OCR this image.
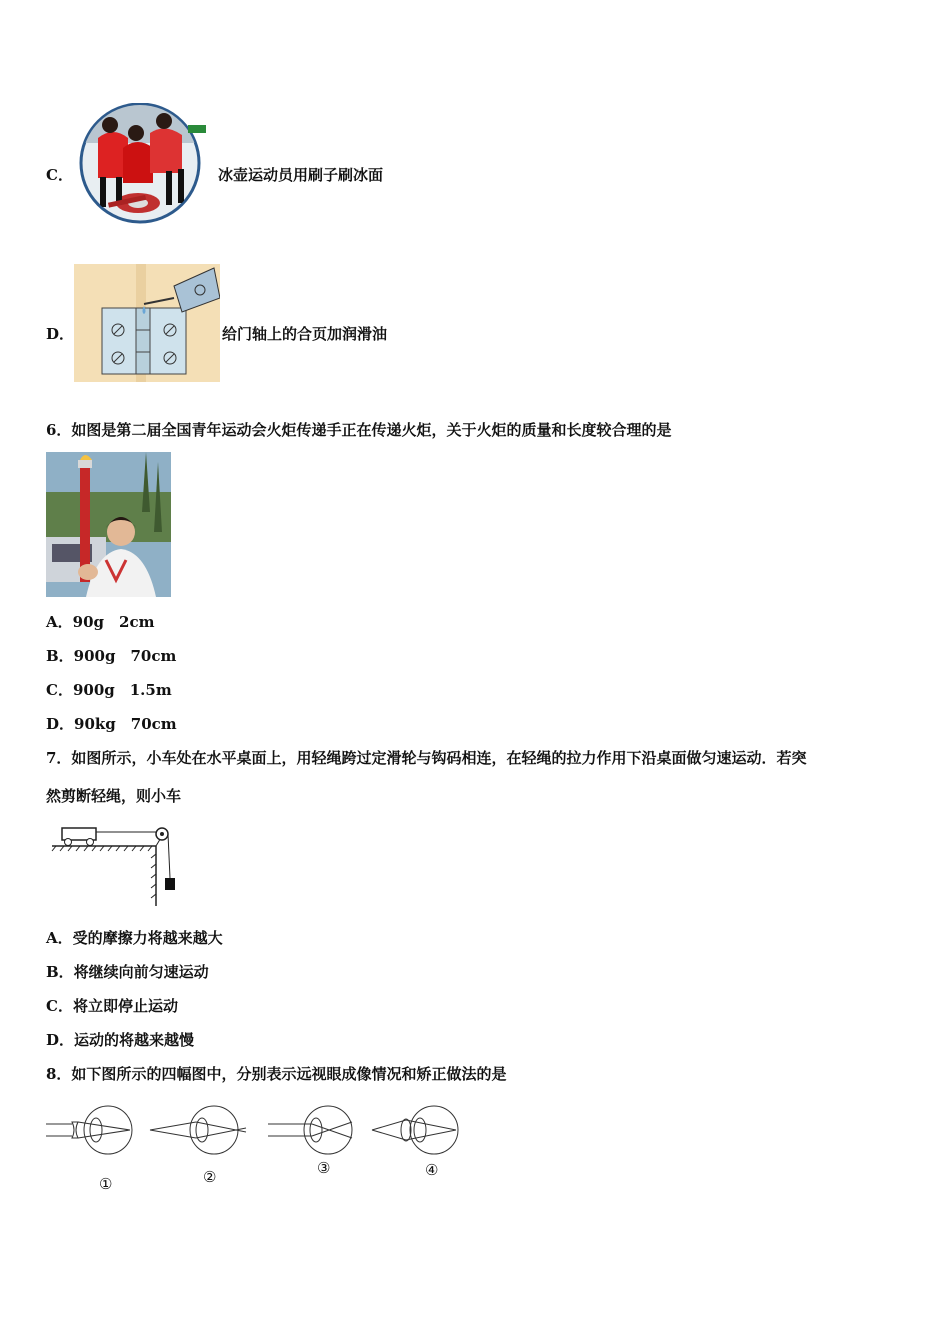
C．	冰壶运动员用刷子刷冰面
D．	给门轴上的合页加润滑油
6．如图是第二届全国青年运动会火炬传递手正在传递火炬，关于火炬的质量和长度较合理的是
A．90g　2cm
B．900g　70cm
C．900g　1.5m
D．90kg　70cm
7．如图所示，小车处在水平桌面上，用轻绳跨过定滑轮与钩码相连，在轻绳的拉力作用下沿桌面做匀速运动．若突
然剪断轻绳，则小车
A．受的摩擦力将越来越大
B．将继续向前匀速运动
C．将立即停止运动
D．运动的将越来越慢
8．如下图所示的四幅图中，分别表示远视眼成像情况和矫正做法的是
①	②	③	④
